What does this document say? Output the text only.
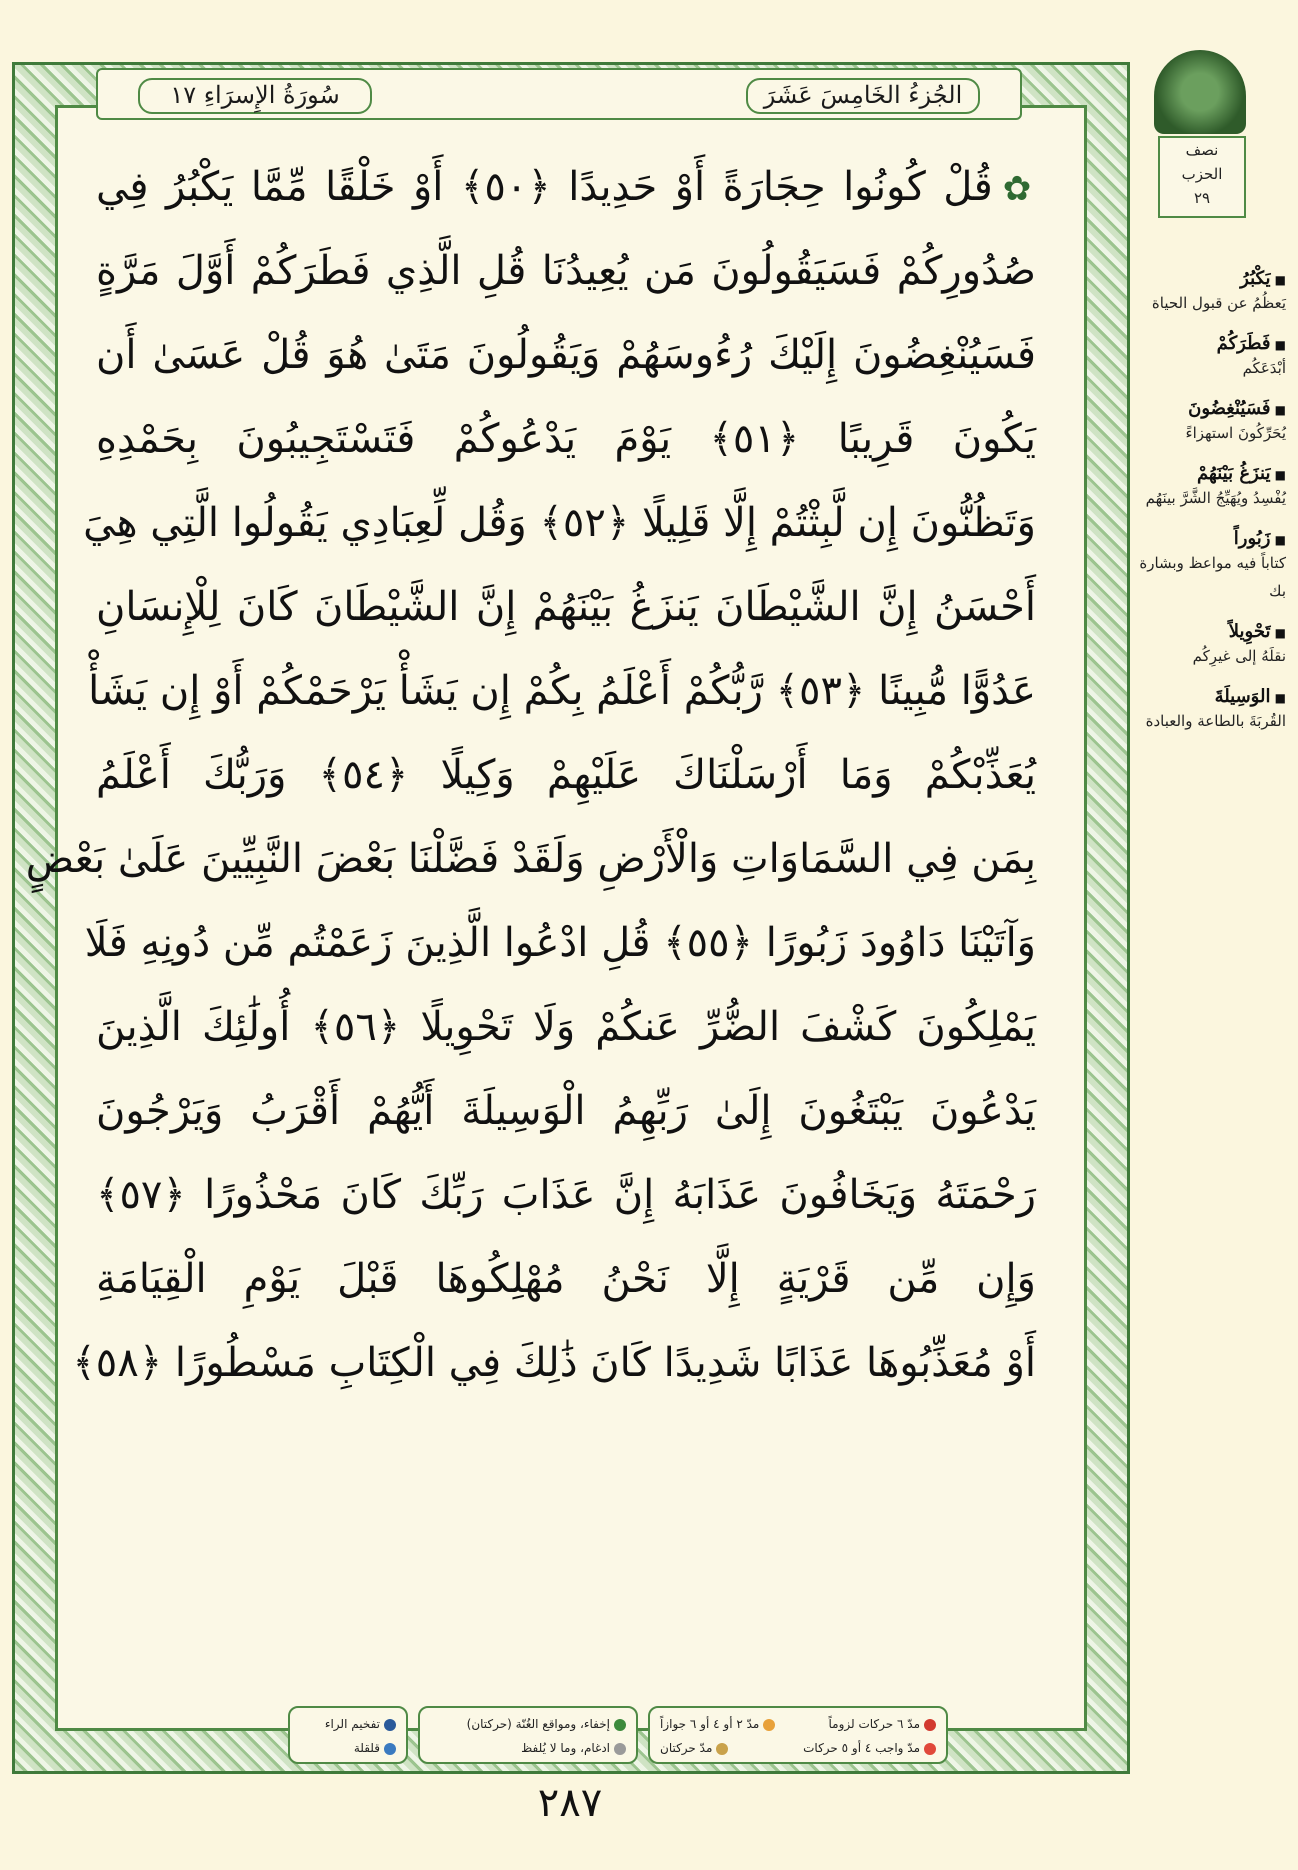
سُورَةُ الإِسرَاءِ ١٧	الجُزءُ الخَامِسَ عَشَرَ
✿قُلْ كُونُوا حِجَارَةً أَوْ حَدِيدًا ﴿٥٠﴾ أَوْ خَلْقًا مِّمَّا يَكْبُرُ فِي
صُدُورِكُمْ فَسَيَقُولُونَ مَن يُعِيدُنَا قُلِ الَّذِي فَطَرَكُمْ أَوَّلَ مَرَّةٍ
فَسَيُنْغِضُونَ إِلَيْكَ رُءُوسَهُمْ وَيَقُولُونَ مَتَىٰ هُوَ قُلْ عَسَىٰ أَن
يَكُونَ قَرِيبًا ﴿٥١﴾ يَوْمَ يَدْعُوكُمْ فَتَسْتَجِيبُونَ بِحَمْدِهِ
وَتَظُنُّونَ إِن لَّبِثْتُمْ إِلَّا قَلِيلًا ﴿٥٢﴾ وَقُل لِّعِبَادِي يَقُولُوا الَّتِي هِيَ
أَحْسَنُ إِنَّ الشَّيْطَانَ يَنزَغُ بَيْنَهُمْ إِنَّ الشَّيْطَانَ كَانَ لِلْإِنسَانِ
عَدُوًّا مُّبِينًا ﴿٥٣﴾ رَّبُّكُمْ أَعْلَمُ بِكُمْ إِن يَشَأْ يَرْحَمْكُمْ أَوْ إِن يَشَأْ
يُعَذِّبْكُمْ وَمَا أَرْسَلْنَاكَ عَلَيْهِمْ وَكِيلًا ﴿٥٤﴾ وَرَبُّكَ أَعْلَمُ
بِمَن فِي السَّمَاوَاتِ وَالْأَرْضِ وَلَقَدْ فَضَّلْنَا بَعْضَ النَّبِيِّينَ عَلَىٰ بَعْضٍ
وَآتَيْنَا دَاوُودَ زَبُورًا ﴿٥٥﴾ قُلِ ادْعُوا الَّذِينَ زَعَمْتُم مِّن دُونِهِ فَلَا
يَمْلِكُونَ كَشْفَ الضُّرِّ عَنكُمْ وَلَا تَحْوِيلًا ﴿٥٦﴾ أُولَٰئِكَ الَّذِينَ
يَدْعُونَ يَبْتَغُونَ إِلَىٰ رَبِّهِمُ الْوَسِيلَةَ أَيُّهُمْ أَقْرَبُ وَيَرْجُونَ
رَحْمَتَهُ وَيَخَافُونَ عَذَابَهُ إِنَّ عَذَابَ رَبِّكَ كَانَ مَحْذُورًا ﴿٥٧﴾
وَإِن مِّن قَرْيَةٍ إِلَّا نَحْنُ مُهْلِكُوهَا قَبْلَ يَوْمِ الْقِيَامَةِ
أَوْ مُعَذِّبُوهَا عَذَابًا شَدِيدًا كَانَ ذَٰلِكَ فِي الْكِتَابِ مَسْطُورًا ﴿٥٨﴾
نصف
الحزب
٢٩
■ يَكْبُرُ
يَعظُمُ عن قبول الحياة
■ فَطَرَكُمْ
أبْدَعَكُم
■ فَسَيُنْغِضُونَ
يُحَرِّكُونَ استهزاءً
■ يَنزَغُ بَيْنَهُمْ
يُفْسِدُ ويُهَيِّجُ الشَّرَّ بينَهُم
■ زَبُوراً
كتاباً فيه مواعظ وبشارة بك
■ تَحْوِيلاً
نقلَهُ إلى غيرِكُم
■ الوَسِيلَةَ
القُربَةَ بالطاعة والعبادة
مدّ ٦ حركات لزوماً
مدّ ٢ أو ٤ أو ٦ جوازاً
مدّ واجب ٤ أو ٥ حركات
مدّ حركتان
إخفاء، ومواقع الغُنّة (حركتان)
ادغام، وما لا يُلفظ
تفخيم الراء
قلقلة
٢٨٧
